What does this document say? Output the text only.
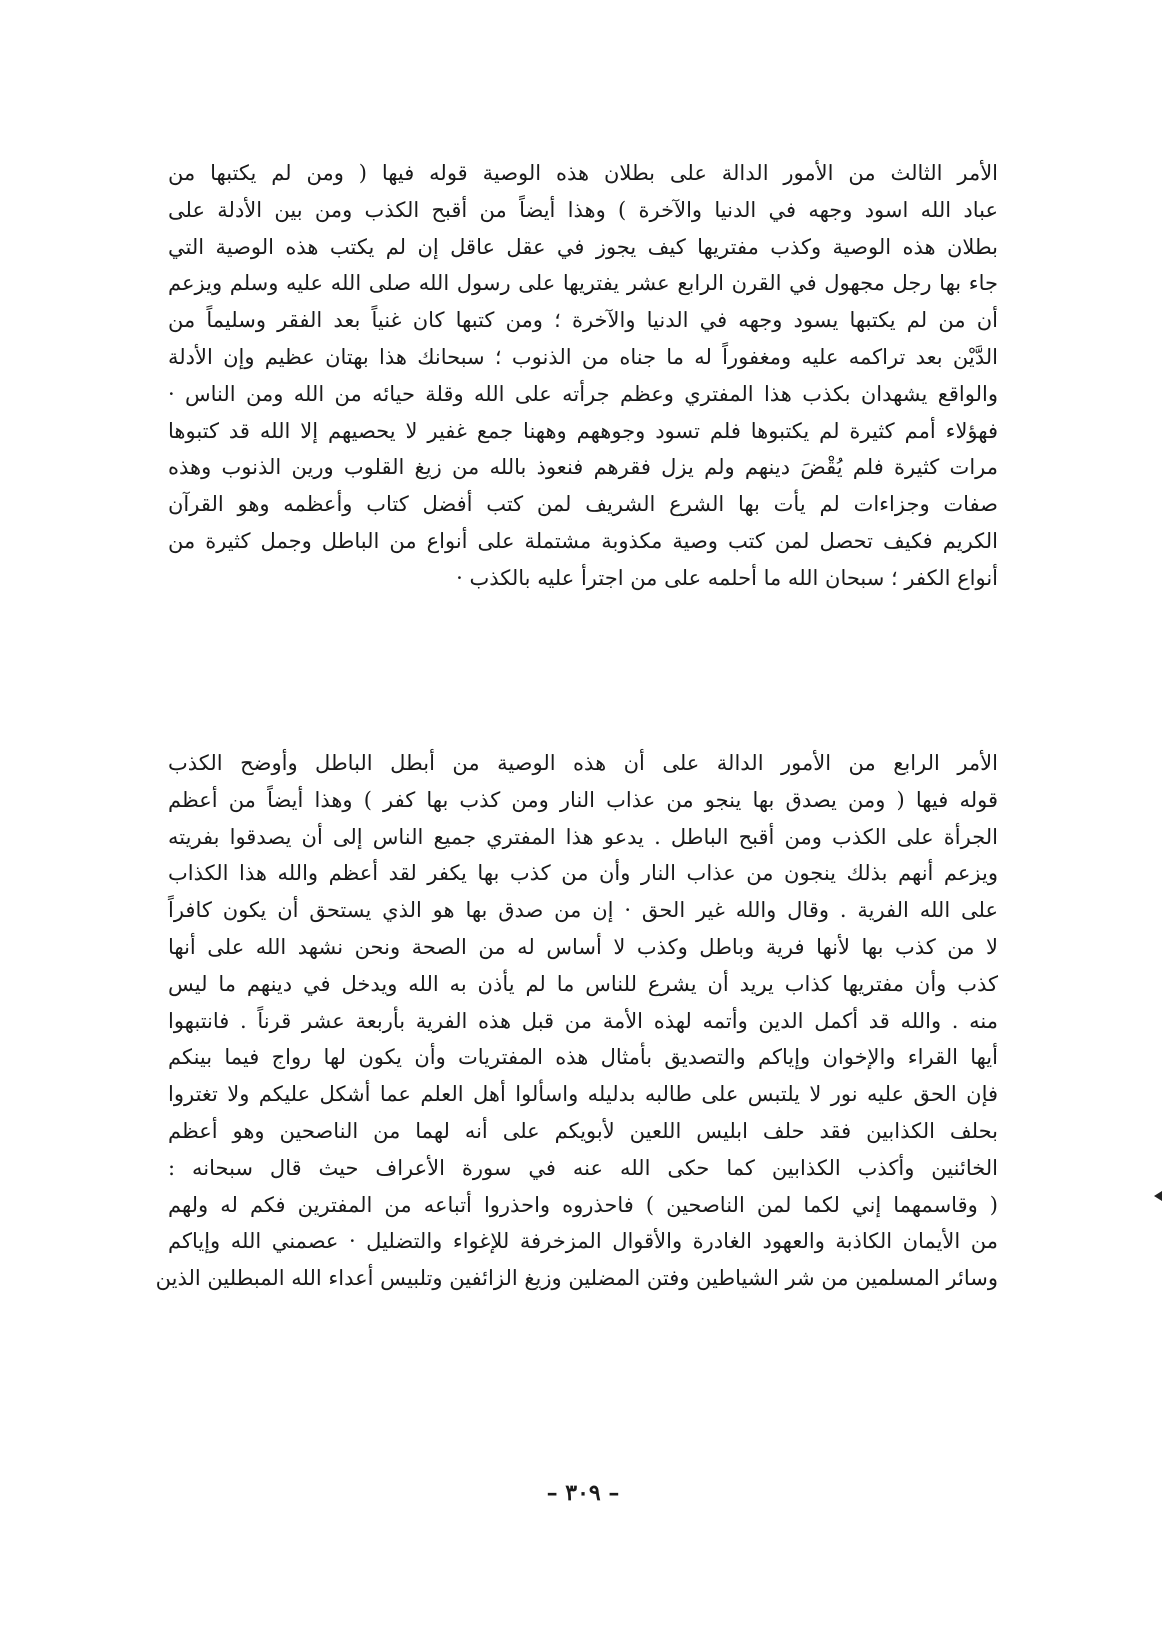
الأمر الثالث من الأمور الدالة على بطلان هذه الوصية قوله فيها ( ومن لم يكتبها من
عباد الله اسود وجهه في الدنيا والآخرة ) وهذا أيضاً من أقبح الكذب ومن بين الأدلة على
بطلان هذه الوصية وكذب مفتريها كيف يجوز في عقل عاقل إن لم يكتب هذه الوصية التي
جاء بها رجل مجهول في القرن الرابع عشر يفتريها على رسول الله صلى الله عليه وسلم ويزعم
أن من لم يكتبها يسود وجهه في الدنيا والآخرة ؛ ومن كتبها كان غنياً بعد الفقر وسليماً من
الدَّيْن بعد تراكمه عليه ومغفوراً له ما جناه من الذنوب ؛ سبحانك هذا بهتان عظيم وإن الأدلة
والواقع يشهدان بكذب هذا المفتري وعظم جرأته على الله وقلة حيائه من الله ومن الناس ·
فهؤلاء أمم كثيرة لم يكتبوها فلم تسود وجوههم وههنا جمع غفير لا يحصيهم إلا الله قد كتبوها
مرات كثيرة فلم يُقْضَ دينهم ولم يزل فقرهم فنعوذ بالله من زيغ القلوب ورين الذنوب وهذه
صفات وجزاءات لم يأت بها الشرع الشريف لمن كتب أفضل كتاب وأعظمه وهو القرآن
الكريم فكيف تحصل لمن كتب وصية مكذوبة مشتملة على أنواع من الباطل وجمل كثيرة من
أنواع الكفر ؛ سبحان الله ما أحلمه على من اجترأ عليه بالكذب ·
الأمر الرابع من الأمور الدالة على أن هذه الوصية من أبطل الباطل وأوضح الكذب
قوله فيها ( ومن يصدق بها ينجو من عذاب النار ومن كذب بها كفر ) وهذا أيضاً من أعظم
الجرأة على الكذب ومن أقبح الباطل . يدعو هذا المفتري جميع الناس إلى أن يصدقوا بفريته
ويزعم أنهم بذلك ينجون من عذاب النار وأن من كذب بها يكفر لقد أعظم والله هذا الكذاب
على الله الفرية . وقال والله غير الحق · إن من صدق بها هو الذي يستحق أن يكون كافراً
لا من كذب بها لأنها فرية وباطل وكذب لا أساس له من الصحة ونحن نشهد الله على أنها
كذب وأن مفتريها كذاب يريد أن يشرع للناس ما لم يأذن به الله ويدخل في دينهم ما ليس
منه . والله قد أكمل الدين وأتمه لهذه الأمة من قبل هذه الفرية بأربعة عشر قرناً . فانتبهوا
أيها القراء والإخوان وإياكم والتصديق بأمثال هذه المفتريات وأن يكون لها رواج فيما بينكم
فإن الحق عليه نور لا يلتبس على طالبه بدليله واسألوا أهل العلم عما أشكل عليكم ولا تغتروا
بحلف الكذابين فقد حلف ابليس اللعين لأبويكم على أنه لهما من الناصحين وهو أعظم
الخائنين وأكذب الكذابين كما حكى الله عنه في سورة الأعراف حيث قال سبحانه :
( وقاسمهما إني لكما لمن الناصحين ) فاحذروه واحذروا أتباعه من المفترين فكم له ولهم
من الأيمان الكاذبة والعهود الغادرة والأقوال المزخرفة للإغواء والتضليل · عصمني الله وإياكم
وسائر المسلمين من شر الشياطين وفتن المضلين وزيغ الزائفين وتلبيس أعداء الله المبطلين الذين
– ٣٠٩ –
